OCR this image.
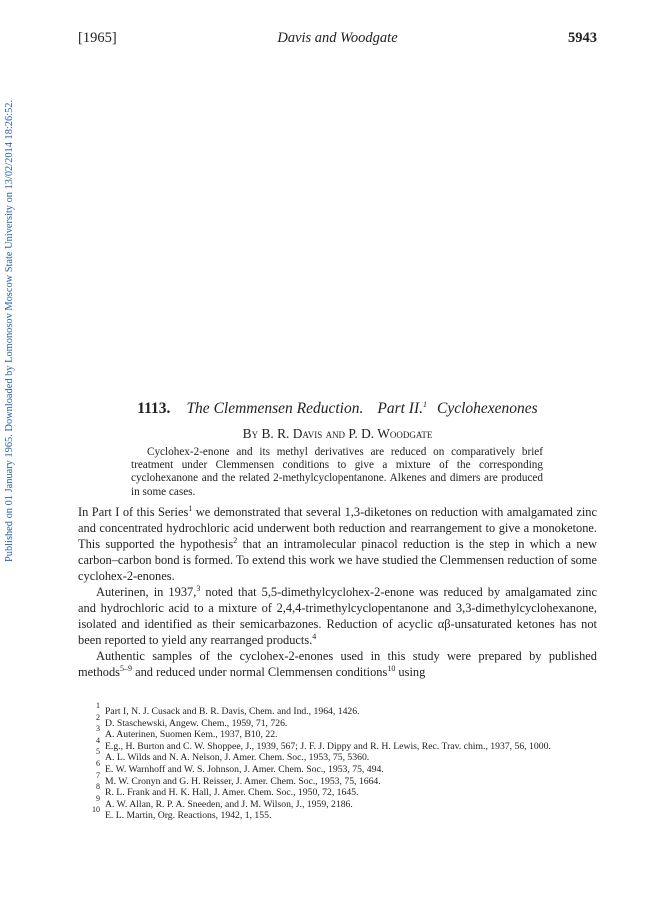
[1965]	Davis and Woodgate	5943
Published on 01 January 1965. Downloaded by Lomonosov Moscow State University on 13/02/2014 18:26:52.	1113. The Clemmensen Reduction. Part II.$^1$ Cyclohexenones
By B. R. Davis and P. D. Woodgate
Cyclohex-2-enone and its methyl derivatives are reduced on comparatively brief treatment under Clemmensen conditions to give a mixture of the corresponding cyclohexanone and the related 2-methylcyclopentanone. Alkenes and dimers are produced in some cases.

In Part I of this Series$^1$ we demonstrated that several 1,3-diketones on reduction with amalgamated zinc and concentrated hydrochloric acid underwent both reduction and rearrangement to give a monoketone. This supported the hypothesis$^2$ that an intramolecular pinacol reduction is the step in which a new carbon–carbon bond is formed. To extend this work we have studied the Clemmensen reduction of some cyclohex-2-enones.

Auterinen, in 1937,$^3$ noted that 5,5-dimethylcyclohex-2-enone was reduced by amalgamated zinc and hydrochloric acid to a mixture of 2,4,4-trimethylcyclopentanone and 3,3-dimethylcyclohexanone, isolated and identified as their semicarbazones. Reduction of acyclic αβ-unsaturated ketones has not been reported to yield any rearranged products.$^4$

Authentic samples of the cyclohex-2-enones used in this study were prepared by published methods$^{5-9}$ and reduced under normal Clemmensen conditions$^{10}$ using

1
Part I, N. J. Cusack and B. R. Davis, Chem. and Ind., 1964, 1426.
2
D. Staschewski, Angew. Chem., 1959, 71, 726.
3
A. Auterinen, Suomen Kem., 1937, B10, 22.
4
E.g., H. Burton and C. W. Shoppee, J., 1939, 567; J. F. J. Dippy and R. H. Lewis, Rec. Trav. chim., 1937, 56, 1000.
5
A. L. Wilds and N. A. Nelson, J. Amer. Chem. Soc., 1953, 75, 5360.
6
E. W. Warnhoff and W. S. Johnson, J. Amer. Chem. Soc., 1953, 75, 494.
7
M. W. Cronyn and G. H. Reisser, J. Amer. Chem. Soc., 1953, 75, 1664.
8
R. L. Frank and H. K. Hall, J. Amer. Chem. Soc., 1950, 72, 1645.
9
A. W. Allan, R. P. A. Sneeden, and J. M. Wilson, J., 1959, 2186.
10
E. L. Martin, Org. Reactions, 1942, 1, 155.
